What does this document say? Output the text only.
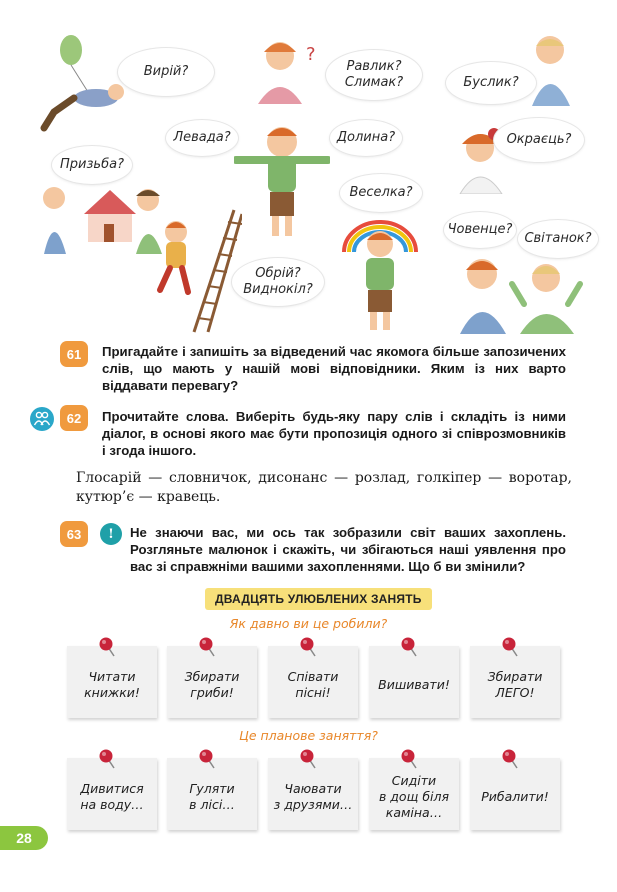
?
Вирій?	Равлик?
Слимак?	Буслик?
Левада?	Долина?
Призьба?
Окраєць?
Веселка?
Човенце?
Світанок?
Обрій?
Виднокіл?
61	Пригадайте і запишіть за відведений час якомога більше запозичених слів, що мають у нашій мові відповідники. Яким із них варто віддавати перевагу?
62	Прочитайте слова. Виберіть будь-яку пару слів і складіть із ними діалог, в основі якого має бути пропозиція одного зі співрозмовників і згода іншого.
Глосарій — словничок, дисонанс — розлад, голкіпер — воротар, кутюр’є — кравець.
63	!	Не знаючи вас, ми ось так зобразили світ ваших захоплень. Розгляньте малюнок і скажіть, чи збігаються наші уявлення про вас зі справжніми вашими захопленнями. Що б ви змінили?
ДВАДЦЯТЬ УЛЮБЛЕНИХ ЗАНЯТЬ
Як давно ви це робили?
Читати
книжки!
Збирати
гриби!
Співати
пісні!
Вишивати!
Збирати
ЛЕГО!
Це планове заняття?
Дивитися
на воду…
Гуляти
в лісі…
Чаювати
з друзями…
Сидіти
в дощ біля
каміна…
Рибалити!
28
